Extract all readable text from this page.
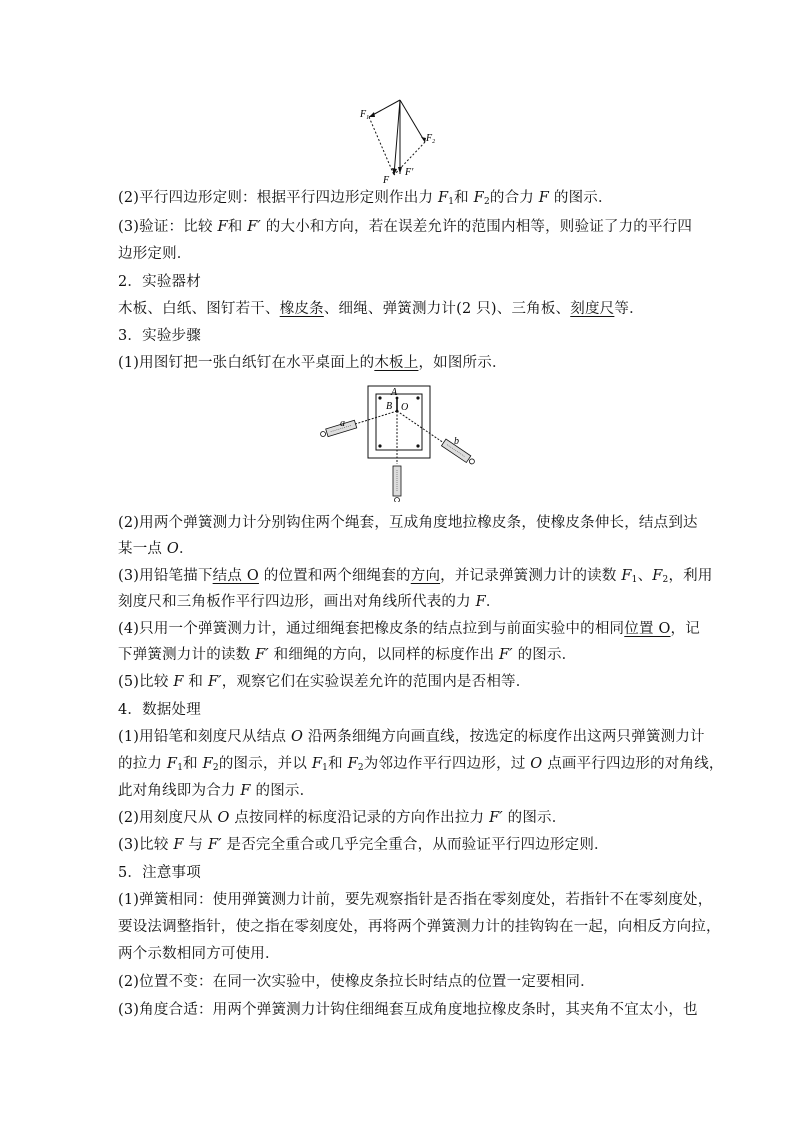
$F_1$
$F_2$
F
F′
(2)平行四边形定则：根据平行四边形定则作出力 $F_1$和 $F_2$的合力 F 的图示．
(3)验证：比较 F和 F′ 的大小和方向，若在误差允许的范围内相等，则验证了力的平行四
边形定则．
2．实验器材
木板、白纸、图钉若干、橡皮条、细绳、弹簧测力计(2 只)、三角板、刻度尺等．
3．实验步骤
(1)用图钉把一张白纸钉在水平桌面上的木板上，如图所示．
A
B O
a
b
(2)用两个弹簧测力计分别钩住两个绳套，互成角度地拉橡皮条，使橡皮条伸长，结点到达
某一点 O．
(3)用铅笔描下结点 O 的位置和两个细绳套的方向，并记录弹簧测力计的读数 $F_1$、$F_2$，利用
刻度尺和三角板作平行四边形，画出对角线所代表的力 F．
(4)只用一个弹簧测力计，通过细绳套把橡皮条的结点拉到与前面实验中的相同位置 O，记
下弹簧测力计的读数 F′ 和细绳的方向，以同样的标度作出 F′ 的图示．
(5)比较 F 和 F′，观察它们在实验误差允许的范围内是否相等．
4．数据处理
(1)用铅笔和刻度尺从结点 O 沿两条细绳方向画直线，按选定的标度作出这两只弹簧测力计
的拉力 $F_1$和 $F_2$的图示，并以 $F_1$和 $F_2$为邻边作平行四边形，过 O 点画平行四边形的对角线，
此对角线即为合力 F 的图示．
(2)用刻度尺从 O 点按同样的标度沿记录的方向作出拉力 F′ 的图示．
(3)比较 F 与 F′ 是否完全重合或几乎完全重合，从而验证平行四边形定则．
5．注意事项
(1)弹簧相同：使用弹簧测力计前，要先观察指针是否指在零刻度处，若指针不在零刻度处，
要设法调整指针，使之指在零刻度处，再将两个弹簧测力计的挂钩钩在一起，向相反方向拉，
两个示数相同方可使用．
(2)位置不变：在同一次实验中，使橡皮条拉长时结点的位置一定要相同．
(3)角度合适：用两个弹簧测力计钩住细绳套互成角度地拉橡皮条时，其夹角不宜太小，也
